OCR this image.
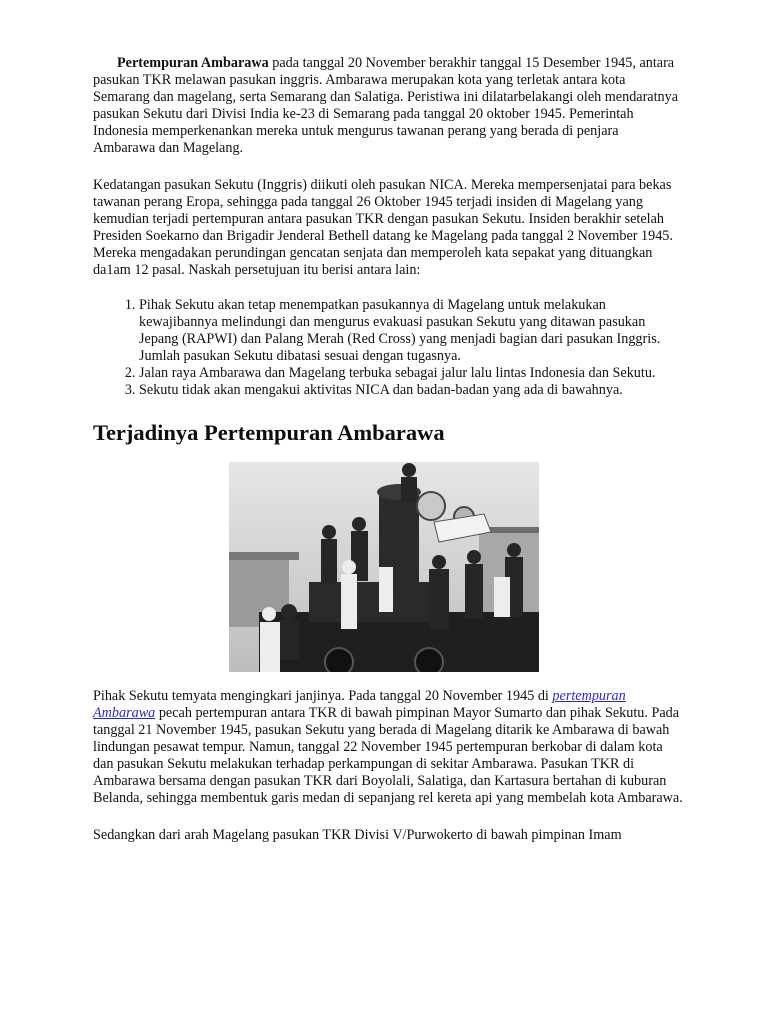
Pertempuran Ambarawa pada tanggal 20 November berakhir tanggal 15 Desember 1945, antara pasukan TKR melawan pasukan inggris. Ambarawa merupakan kota yang terletak antara kota Semarang dan magelang, serta Semarang dan Salatiga. Peristiwa ini dilatarbelakangi oleh mendaratnya pasukan Sekutu dari Divisi India ke-23 di Semarang pada tanggal 20 oktober 1945. Pemerintah Indonesia memperkenankan mereka untuk mengurus tawanan perang yang berada di penjara Ambarawa dan Magelang.

Kedatangan pasukan Sekutu (Inggris) diikuti oleh pasukan NICA. Mereka mempersenjatai para bekas tawanan perang Eropa, sehingga pada tanggal 26 Oktober 1945 terjadi insiden di Magelang yang kemudian terjadi pertempuran antara pasukan TKR dengan pasukan Sekutu. Insiden berakhir setelah Presiden Soekarno dan Brigadir Jenderal Bethell datang ke Magelang pada tanggal 2 November 1945. Mereka mengadakan perundingan gencatan senjata dan memperoleh kata sepakat yang dituangkan da1am 12 pasal. Naskah persetujuan itu berisi antara lain:

1. Pihak Sekutu akan tetap menempatkan pasukannya di Magelang untuk melakukan kewajibannya melindungi dan mengurus evakuasi pasukan Sekutu yang ditawan pasukan Jepang (RAPWI) dan Palang Merah (Red Cross) yang menjadi bagian dari pasukan Inggris. Jumlah pasukan Sekutu dibatasi sesuai dengan tugasnya.
2. Jalan raya Ambarawa dan Magelang terbuka sebagai jalur lalu lintas Indonesia dan Sekutu.
3. Sekutu tidak akan mengakui aktivitas NICA dan badan-badan yang ada di bawahnya.
Terjadinya Pertempuran Ambarawa

Pihak Sekutu temyata mengingkari janjinya. Pada tanggal 20 November 1945 di pertempuran Ambarawa pecah pertempuran antara TKR di bawah pimpinan Mayor Sumarto dan pihak Sekutu. Pada tanggal 21 November 1945, pasukan Sekutu yang berada di Magelang ditarik ke Ambarawa di bawah lindungan pesawat tempur. Namun, tanggal 22 November 1945 pertempuran berkobar di dalam kota dan pasukan Sekutu melakukan terhadap perkampungan di sekitar Ambarawa. Pasukan TKR di Ambarawa bersama dengan pasukan TKR dari Boyolali, Salatiga, dan Kartasura bertahan di kuburan Belanda, sehingga membentuk garis medan di sepanjang rel kereta api yang membelah kota Ambarawa.

Sedangkan dari arah Magelang pasukan TKR Divisi V/Purwokerto di bawah pimpinan Imam
